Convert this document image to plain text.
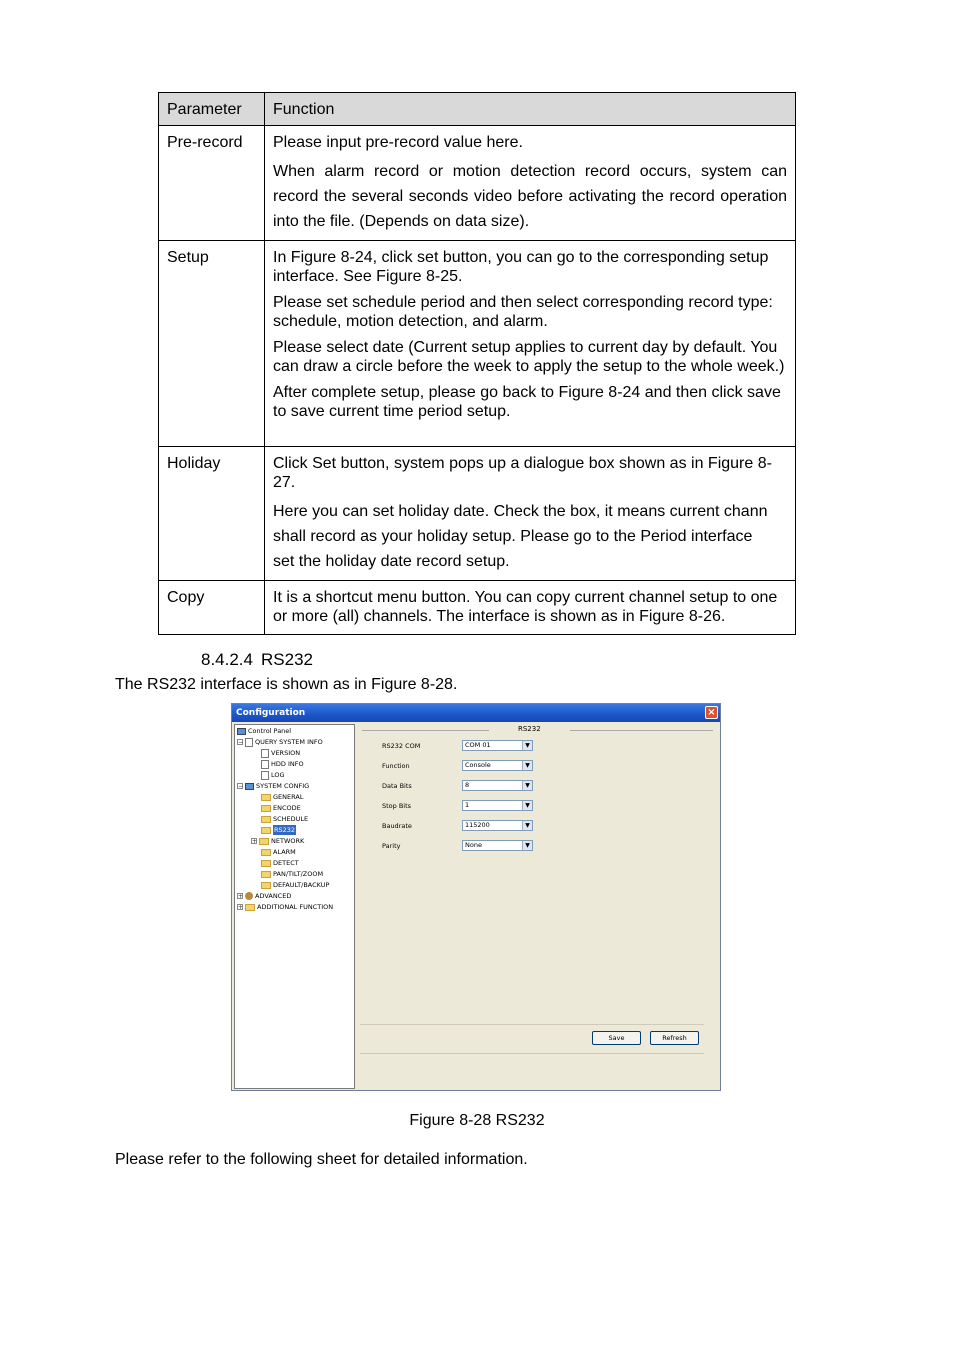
Parameter	Function
Pre-record	Please input pre-record value here.

When alarm record or motion detection record occurs, system can record the several seconds video before activating the record operation into the file. (Depends on data size).

Setup	In Figure 8-24, click set button, you can go to the corresponding setup interface. See Figure 8-25.

Please set schedule period and then select corresponding record type: schedule, motion detection, and alarm.

Please select date (Current setup applies to current day by default. You can draw a circle before the week to apply the setup to the whole week.)

After complete setup, please go back to Figure 8-24 and then click save to save current time period setup.

Holiday	Click Set button, system pops up a dialogue box shown as in Figure 8-27.

Here you can set holiday date. Check the box, it means current chann

shall record as your holiday setup. Please go to the Period interface

set the holiday date record setup.

Copy	It is a shortcut menu button. You can copy current channel setup to one or more (all) channels. The interface is shown as in Figure 8-26.

8.4.2.4 RS232
The RS232 interface is shown as in Figure 8-28.
Configuration	×
Control Panel
− QUERY SYSTEM INFO
VERSION
HDD INFO
LOG
− SYSTEM CONFIG
GENERAL
ENCODE
SCHEDULE
RS232
+ NETWORK
ALARM
DETECT
PAN/TILT/ZOOM
DEFAULT/BACKUP
+ ADVANCED
+ ADDITIONAL FUNCTION
RS232
RS232 COM	COM 01	▼
Function	Console	▼
Data Bits	8	▼
Stop Bits	1	▼
Baudrate	115200	▼
Parity	None	▼
Save	Refresh
Figure 8-28 RS232
Please refer to the following sheet for detailed information.
